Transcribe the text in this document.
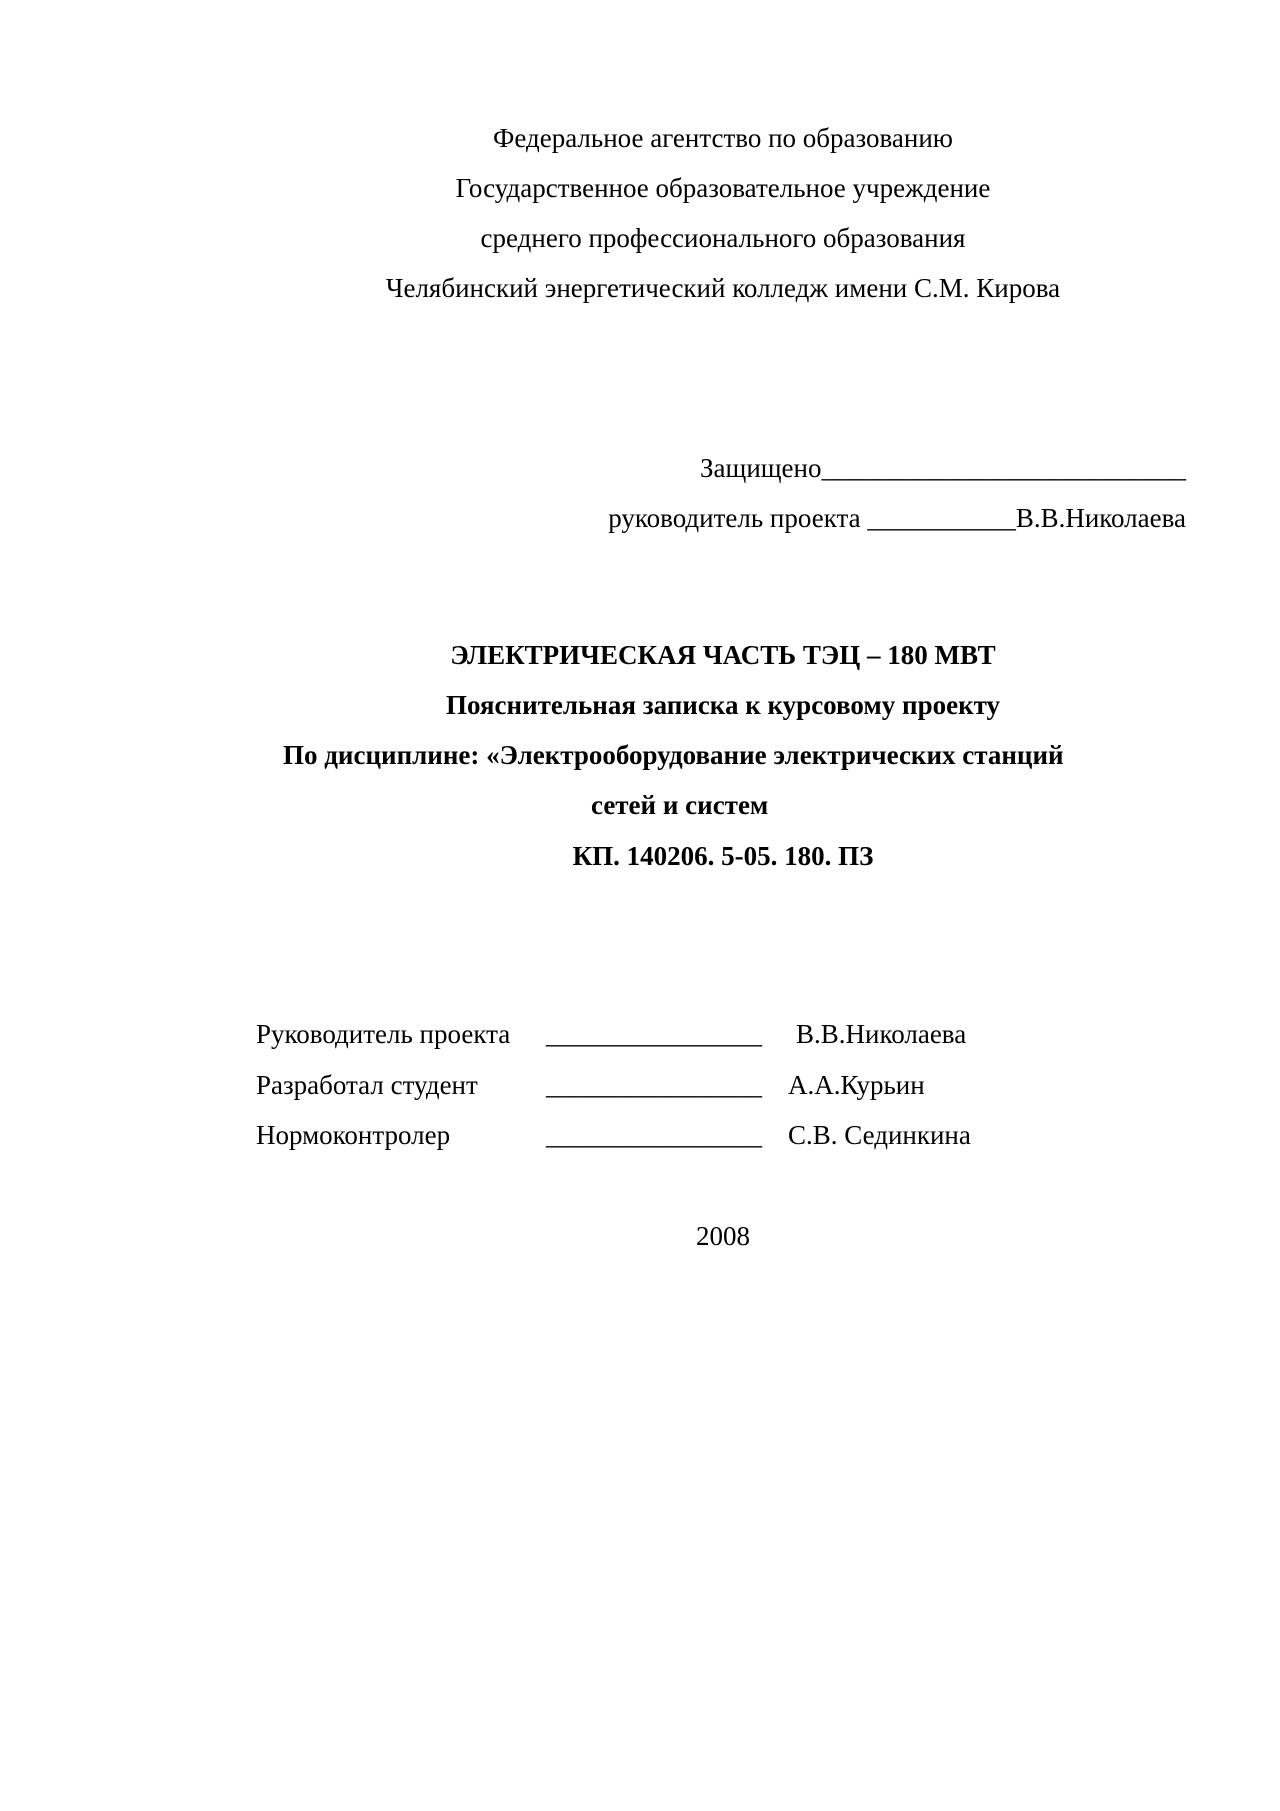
Федеральное агентство по образованию
Государственное образовательное учреждение
среднего профессионального образования
Челябинский энергетический колледж имени С.М. Кирова
Защищено___________________________
руководитель проекта ___________В.В.Николаева
ЭЛЕКТРИЧЕСКАЯ ЧАСТЬ ТЭЦ – 180 МВТ
Пояснительная записка к курсовому проекту
По дисциплине: «Электрооборудование электрических станций
сетей и систем
КП. 140206. 5-05. 180. ПЗ
Руководитель проекта ________________ В.В.Николаева
Разработал студент	________________ А.А.Курьин
Нормоконтролер	________________ С.В. Сединкина
2008
